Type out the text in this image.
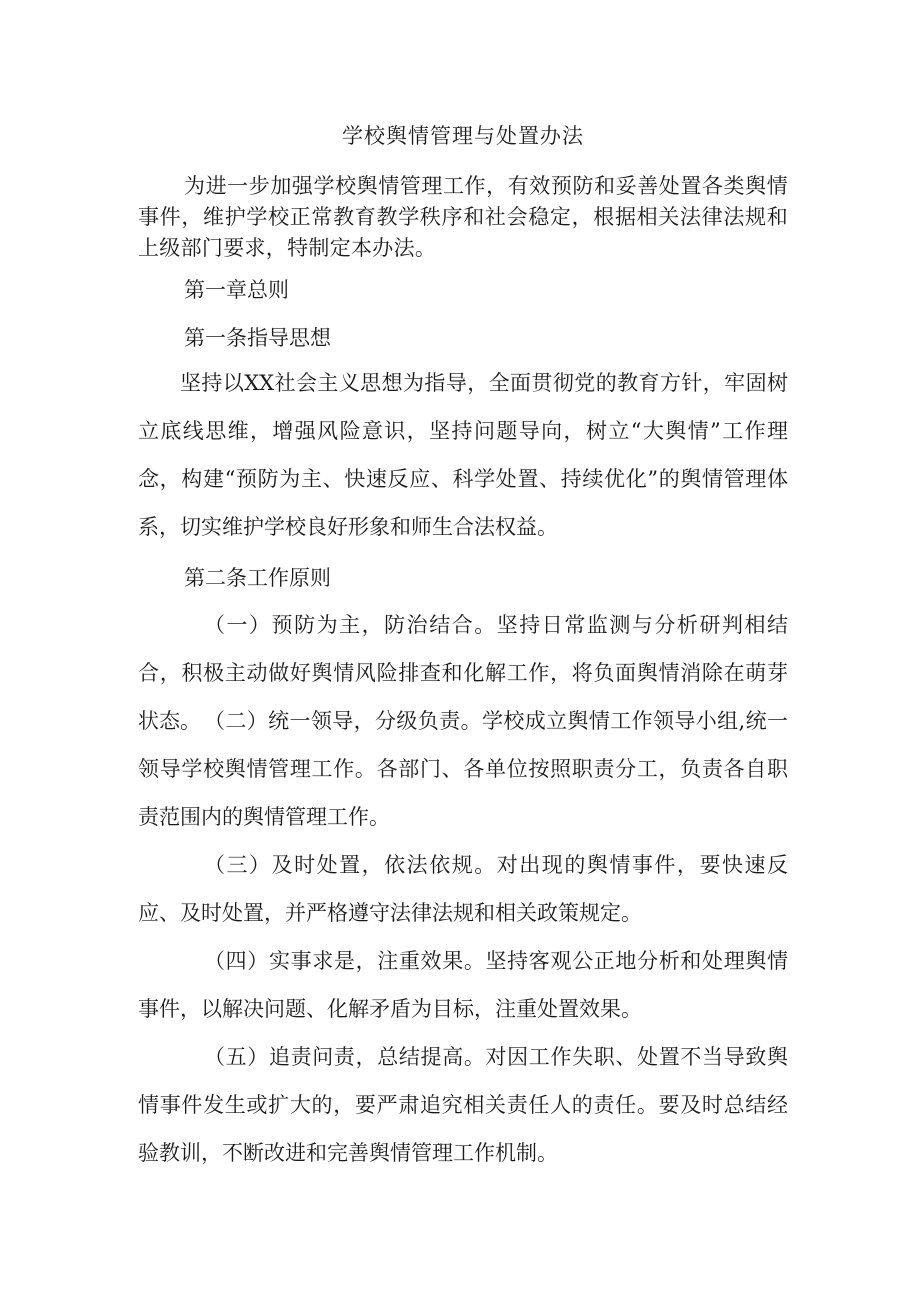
学校舆情管理与处置办法

为进一步加强学校舆情管理工作，有效预防和妥善处置各类舆情事件，维护学校正常教育教学秩序和社会稳定，根据相关法律法规和上级部门要求，特制定本办法。

第一章总则
第一条指导思想

坚持以XX社会主义思想为指导，全面贯彻党的教育方针，牢固树立底线思维，增强风险意识，坚持问题导向，树立“大舆情”工作理念，构建“预防为主、快速反应、科学处置、持续优化”的舆情管理体系，切实维护学校良好形象和师生合法权益。

第二条工作原则

（一）预防为主，防治结合。坚持日常监测与分析研判相结合，积极主动做好舆情风险排查和化解工作，将负面舆情消除在萌芽状态。 （二）统一领导，分级负责。学校成立舆情工作领导小组,统一领导学校舆情管理工作。各部门、各单位按照职责分工，负责各自职责范围内的舆情管理工作。

（三）及时处置，依法依规。对出现的舆情事件，要快速反应、及时处置，并严格遵守法律法规和相关政策规定。

（四）实事求是，注重效果。坚持客观公正地分析和处理舆情事件，以解决问题、化解矛盾为目标，注重处置效果。

（五）追责问责，总结提高。对因工作失职、处置不当导致舆情事件发生或扩大的，要严肃追究相关责任人的责任。要及时总结经验教训，不断改进和完善舆情管理工作机制。
